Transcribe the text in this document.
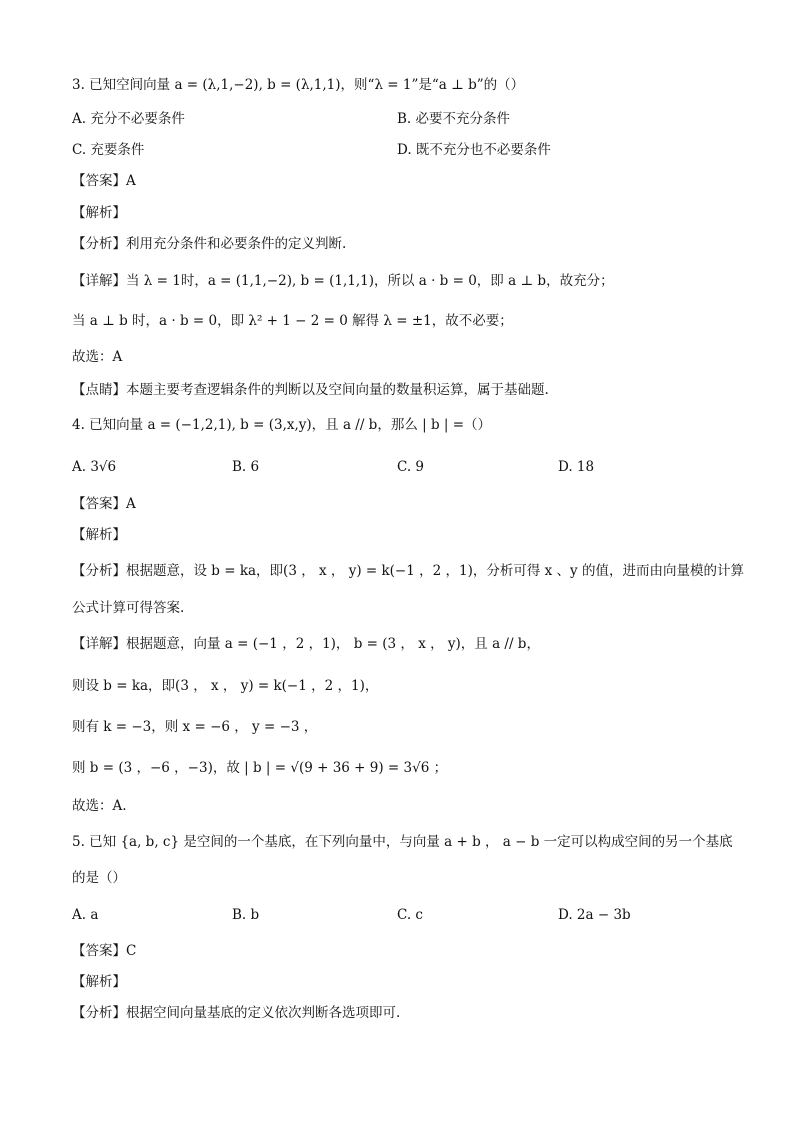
3. 已知空间向量 a = (λ,1,−2), b = (λ,1,1)，则“λ = 1”是“a ⊥ b”的（）
A. 充分不必要条件	B. 必要不充分条件
C. 充要条件	D. 既不充分也不必要条件
【答案】A
【解析】
【分析】利用充分条件和必要条件的定义判断.
【详解】当 λ = 1时，a = (1,1,−2), b = (1,1,1)，所以 a · b = 0，即 a ⊥ b，故充分；
当 a ⊥ b 时，a · b = 0，即 λ² + 1 − 2 = 0 解得 λ = ±1，故不必要；
故选：A
【点睛】本题主要考查逻辑条件的判断以及空间向量的数量积运算，属于基础题.
4. 已知向量 a = (−1,2,1), b = (3,x,y)，且 a // b，那么 | b | =（）
A. 3√6	B. 6	C. 9	D. 18
【答案】A
【解析】
【分析】根据题意，设 b = ka，即(3 ， x ， y) = k(−1 ，2 ，1)，分析可得 x 、y 的值，进而由向量模的计算
公式计算可得答案.
【详解】根据题意，向量 a = (−1 ，2 ，1)， b = (3 ， x ， y)，且 a // b，
则设 b = ka，即(3 ， x ， y) = k(−1 ，2 ，1)，
则有 k = −3，则 x = −6 ， y = −3 ，
则 b = (3 ，−6 ，−3)，故 | b | = √(9 + 36 + 9) = 3√6 ；
故选：A.
5. 已知 {a, b, c} 是空间的一个基底，在下列向量中，与向量 a + b ， a − b 一定可以构成空间的另一个基底
的是（）
A. a	B. b	C. c	D. 2a − 3b
【答案】C
【解析】
【分析】根据空间向量基底的定义依次判断各选项即可.
